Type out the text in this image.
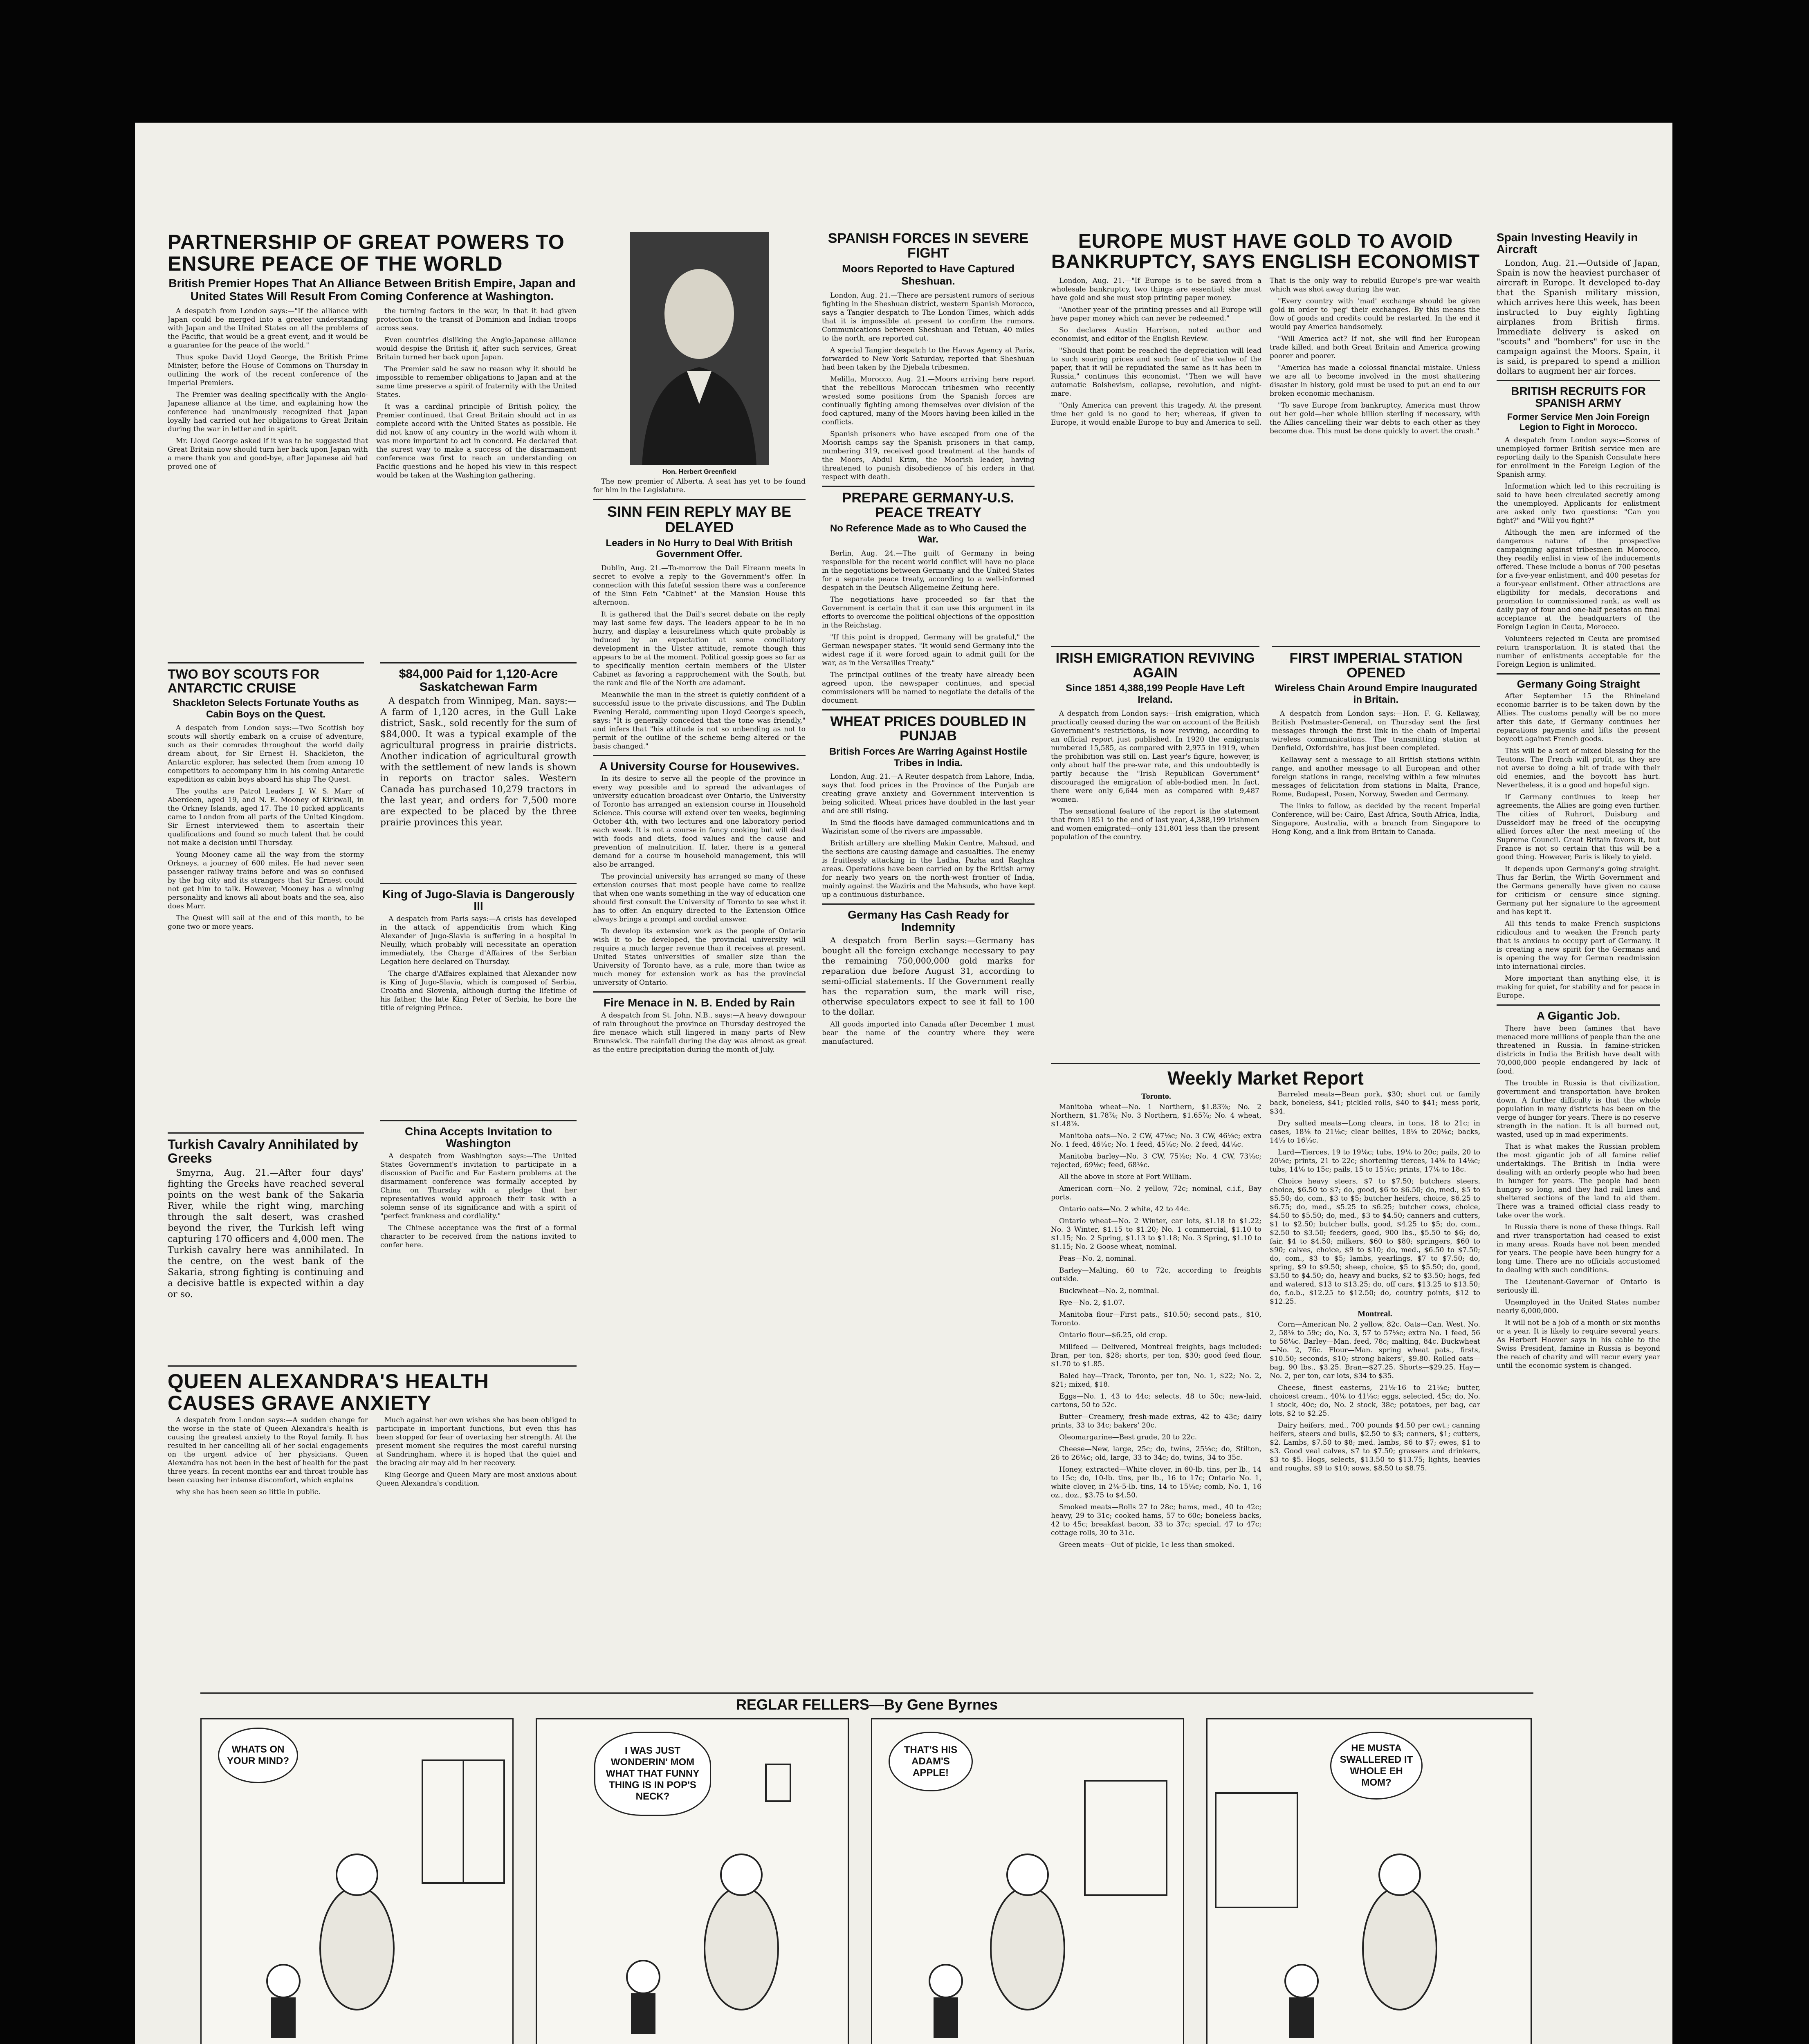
PARTNERSHIP OF GREAT POWERS TO ENSURE PEACE OF THE WORLD
British Premier Hopes That An Alliance Between British Empire, Japan and United States Will Result From Coming Conference at Washington.

A despatch from London says:—"If the alliance with Japan could be merged into a greater understanding with Japan and the United States on all the problems of the Pacific, that would be a great event, and it would be a guarantee for the peace of the world."

Thus spoke David Lloyd George, the British Prime Minister, before the House of Commons on Thursday in outlining the work of the recent conference of the Imperial Premiers.

The Premier was dealing specifically with the Anglo-Japanese alliance at the time, and explaining how the conference had unanimously recognized that Japan loyally had carried out her obligations to Great Britain during the war in letter and in spirit.

Mr. Lloyd George asked if it was to be suggested that Great Britain now should turn her back upon Japan with a mere thank you and good-bye, after Japanese aid had proved one of

the turning factors in the war, in that it had given protection to the transit of Dominion and Indian troops across seas.

Even countries disliking the Anglo-Japanese alliance would despise the British if, after such services, Great Britain turned her back upon Japan.

The Premier said he saw no reason why it should be impossible to remember obligations to Japan and at the same time preserve a spirit of fraternity with the United States.

It was a cardinal principle of British policy, the Premier continued, that Great Britain should act in as complete accord with the United States as possible. He did not know of any country in the world with whom it was more important to act in concord. He declared that the surest way to make a success of the disarmament conference was first to reach an understanding on Pacific questions and he hoped his view in this respect would be taken at the Washington gathering.

TWO BOY SCOUTS FOR ANTARCTIC CRUISE
Shackleton Selects Fortunate Youths as Cabin Boys on the Quest.

A despatch from London says:—Two Scottish boy scouts will shortly embark on a cruise of adventure, such as their comrades throughout the world daily dream about, for Sir Ernest H. Shackleton, the Antarctic explorer, has selected them from among 10 competitors to accompany him in his coming Antarctic expedition as cabin boys aboard his ship The Quest.

The youths are Patrol Leaders J. W. S. Marr of Aberdeen, aged 19, and N. E. Mooney of Kirkwall, in the Orkney Islands, aged 17. The 10 picked applicants came to London from all parts of the United Kingdom. Sir Ernest interviewed them to ascertain their qualifications and found so much talent that he could not make a decision until Thursday.

Young Mooney came all the way from the stormy Orkneys, a journey of 600 miles. He had never seen passenger railway trains before and was so confused by the big city and its strangers that Sir Ernest could not get him to talk. However, Mooney has a winning personality and knows all about boats and the sea, also does Marr.

The Quest will sail at the end of this month, to be gone two or more years.

Turkish Cavalry Annihilated by Greeks

Smyrna, Aug. 21.—After four days' fighting the Greeks have reached several points on the west bank of the Sakaria River, while the right wing, marching through the salt desert, was crashed beyond the river, the Turkish left wing capturing 170 officers and 4,000 men. The Turkish cavalry here was annihilated. In the centre, on the west bank of the Sakaria, strong fighting is continuing and a decisive battle is expected within a day or so.

$84,000 Paid for 1,120-Acre Saskatchewan Farm

A despatch from Winnipeg, Man. says:—A farm of 1,120 acres, in the Gull Lake district, Sask., sold recently for the sum of $84,000. It was a typical example of the agricultural progress in prairie districts. Another indication of agricultural growth with the settlement of new lands is shown in reports on tractor sales. Western Canada has purchased 10,279 tractors in the last year, and orders for 7,500 more are expected to be placed by the three prairie provinces this year.

King of Jugo-Slavia is Dangerously Ill

A despatch from Paris says:—A crisis has developed in the attack of appendicitis from which King Alexander of Jugo-Slavia is suffering in a hospital in Neuilly, which probably will necessitate an operation immediately, the Charge d'Affaires of the Serbian Legation here declared on Thursday.

The charge d'Affaires explained that Alexander now is King of Jugo-Slavia, which is composed of Serbia, Croatia and Slovenia, although during the lifetime of his father, the late King Peter of Serbia, he bore the title of reigning Prince.

China Accepts Invitation to Washington

A despatch from Washington says:—The United States Government's invitation to participate in a discussion of Pacific and Far Eastern problems at the disarmament conference was formally accepted by China on Thursday with a pledge that her representatives would approach their task with a solemn sense of its significance and with a spirit of "perfect frankness and cordiality."

The Chinese acceptance was the first of a formal character to be received from the nations invited to confer here.

QUEEN ALEXANDRA'S HEALTH CAUSES GRAVE ANXIETY

A despatch from London says:—A sudden change for the worse in the state of Queen Alexandra's health is causing the greatest anxiety to the Royal family. It has resulted in her cancelling all of her social engagements on the urgent advice of her physicians. Queen Alexandra has not been in the best of health for the past three years. In recent months ear and throat trouble has been causing her intense discomfort, which explains

why she has been seen so little in public.

Much against her own wishes she has been obliged to participate in important functions, but even this has been stopped for fear of overtaxing her strength. At the present moment she requires the most careful nursing at Sandringham, where it is hoped that the quiet and the bracing air may aid in her recovery.

King George and Queen Mary are most anxious about Queen Alexandra's condition.

Hon. Herbert Greenfield

The new premier of Alberta. A seat has yet to be found for him in the Legislature.

SINN FEIN REPLY MAY BE DELAYED
Leaders in No Hurry to Deal With British Government Offer.

Dublin, Aug. 21.—To-morrow the Dail Eireann meets in secret to evolve a reply to the Government's offer. In connection with this fateful session there was a conference of the Sinn Fein "Cabinet" at the Mansion House this afternoon.

It is gathered that the Dail's secret debate on the reply may last some few days. The leaders appear to be in no hurry, and display a leisureliness which quite probably is induced by an expectation at some conciliatory development in the Ulster attitude, remote though this appears to be at the moment. Political gossip goes so far as to specifically mention certain members of the Ulster Cabinet as favoring a rapprochement with the South, but the rank and file of the North are adamant.

Meanwhile the man in the street is quietly confident of a successful issue to the private discussions, and The Dublin Evening Herald, commenting upon Lloyd George's speech, says: "It is generally conceded that the tone was friendly," and infers that "his attitude is not so unbending as not to permit of the outline of the scheme being altered or the basis changed."

A University Course for Housewives.

In its desire to serve all the people of the province in every way possible and to spread the advantages of university education broadcast over Ontario, the University of Toronto has arranged an extension course in Household Science. This course will extend over ten weeks, beginning October 4th, with two lectures and one laboratory period each week. It is not a course in fancy cooking but will deal with foods and diets, food values and the cause and prevention of malnutrition. If, later, there is a general demand for a course in household management, this will also be arranged.

The provincial university has arranged so many of these extension courses that most people have come to realize that when one wants something in the way of education one should first consult the University of Toronto to see whst it has to offer. An enquiry directed to the Extension Office always brings a prompt and cordial answer.

To develop its extension work as the people of Ontario wish it to be developed, the provincial university will require a much larger revenue than it receives at present. United States universities of smaller size than the University of Toronto have, as a rule, more than twice as much money for extension work as has the provincial university of Ontario.

Fire Menace in N. B. Ended by Rain

A despatch from St. John, N.B., says:—A heavy downpour of rain throughout the province on Thursday destroyed the fire menace which still lingered in many parts of New Brunswick. The rainfall during the day was almost as great as the entire precipitation during the month of July.

SPANISH FORCES IN SEVERE FIGHT
Moors Reported to Have Captured Sheshuan.

London, Aug. 21.—There are persistent rumors of serious fighting in the Sheshuan district, western Spanish Morocco, says a Tangier despatch to The London Times, which adds that it is impossible at present to confirm the rumors. Communications between Sheshuan and Tetuan, 40 miles to the north, are reported cut.

A special Tangier despatch to the Havas Agency at Paris, forwarded to New York Saturday, reported that Sheshuan had been taken by the Djebala tribesmen.

Melilla, Morocco, Aug. 21.—Moors arriving here report that the rebellious Moroccan tribesmen who recently wrested some positions from the Spanish forces are continually fighting among themselves over division of the food captured, many of the Moors having been killed in the conflicts.

Spanish prisoners who have escaped from one of the Moorish camps say the Spanish prisoners in that camp, numbering 319, received good treatment at the hands of the Moors, Abdul Krim, the Moorish leader, having threatened to punish disobedience of his orders in that respect with death.

PREPARE GERMANY-U.S. PEACE TREATY
No Reference Made as to Who Caused the War.

Berlin, Aug. 24.—The guilt of Germany in being responsible for the recent world conflict will have no place in the negotiations between Germany and the United States for a separate peace treaty, according to a well-informed despatch in the Deutsch Allgemeine Zeitung here.

The negotiations have proceeded so far that the Government is certain that it can use this argument in its efforts to overcome the political objections of the opposition in the Reichstag.

"If this point is dropped, Germany will be grateful," the German newspaper states. "It would send Germany into the widest rage if it were forced again to admit guilt for the war, as in the Versailles Treaty."

The principal outlines of the treaty have already been agreed upon, the newspaper continues, and special commissioners will be named to negotiate the details of the document.

WHEAT PRICES DOUBLED IN PUNJAB
British Forces Are Warring Against Hostile Tribes in India.

London, Aug. 21.—A Reuter despatch from Lahore, India, says that food prices in the Province of the Punjab are creating grave anxiety and Government intervention is being solicited. Wheat prices have doubled in the last year and are still rising.

In Sind the floods have damaged communications and in Waziristan some of the rivers are impassable.

British artillery are shelling Makin Centre, Mahsud, and the sections are causing damage and casualties. The enemy is fruitlessly attacking in the Ladha, Pazha and Raghza areas. Operations have been carried on by the British army for nearly two years on the north-west frontier of India, mainly against the Waziris and the Mahsuds, who have kept up a continuous disturbance.

Germany Has Cash Ready for Indemnity

A despatch from Berlin says:—Germany has bought all the foreign exchange necessary to pay the remaining 750,000,000 gold marks for reparation due before August 31, according to semi-official statements. If the Government really has the reparation sum, the mark will rise, otherwise speculators expect to see it fall to 100 to the dollar.

All goods imported into Canada after December 1 must bear the name of the country where they were manufactured.

EUROPE MUST HAVE GOLD TO AVOID BANKRUPTCY, SAYS ENGLISH ECONOMIST

London, Aug. 21.—"If Europe is to be saved from a wholesale bankruptcy, two things are essential; she must have gold and she must stop printing paper money.

"Another year of the printing presses and all Europe will have paper money which can never be redeemed."

So declares Austin Harrison, noted author and economist, and editor of the English Review.

"Should that point be reached the depreciation will lead to such soaring prices and such fear of the value of the paper, that it will be repudiated the same as it has been in Russia," continues this economist. "Then we will have automatic Bolshevism, collapse, revolution, and night-mare.

"Only America can prevent this tragedy. At the present time her gold is no good to her; whereas, if given to Europe, it would enable Europe to buy and America to sell. That is the only way to rebuild Europe's pre-war wealth which was shot away during the war.

"Every country with 'mad' exchange should be given gold in order to 'peg' their exchanges. By this means the flow of goods and credits could be restarted. In the end it would pay America handsomely.

"Will America act? If not, she will find her European trade killed, and both Great Britain and America growing poorer and poorer.

"America has made a colossal financial mistake. Unless we are all to become involved in the most shattering disaster in history, gold must be used to put an end to our broken economic mechanism.

"To save Europe from bankruptcy, America must throw out her gold—her whole billion sterling if necessary, with the Allies cancelling their war debts to each other as they become due. This must be done quickly to avert the crash."

IRISH EMIGRATION REVIVING AGAIN
Since 1851 4,388,199 People Have Left Ireland.

A despatch from London says:—Irish emigration, which practically ceased during the war on account of the British Government's restrictions, is now reviving, according to an official report just published. In 1920 the emigrants numbered 15,585, as compared with 2,975 in 1919, when the prohibition was still on. Last year's figure, however, is only about half the pre-war rate, and this undoubtedly is partly because the "Irish Republican Government" discouraged the emigration of able-bodied men. In fact, there were only 6,644 men as compared with 9,487 women.

The sensational feature of the report is the statement that from 1851 to the end of last year, 4,388,199 Irishmen and women emigrated—only 131,801 less than the present population of the country.

FIRST IMPERIAL STATION OPENED
Wireless Chain Around Empire Inaugurated in Britain.

A despatch from London says:—Hon. F. G. Kellaway, British Postmaster-General, on Thursday sent the first messages through the first link in the chain of Imperial wireless communications. The transmitting station at Denfield, Oxfordshire, has just been completed.

Kellaway sent a message to all British stations within range, and another message to all European and other foreign stations in range, receiving within a few minutes messages of felicitation from stations in Malta, France, Rome, Budapest, Posen, Norway, Sweden and Germany.

The links to follow, as decided by the recent Imperial Conference, will be: Cairo, East Africa, South Africa, India, Singapore, Australia, with a branch from Singapore to Hong Kong, and a link from Britain to Canada.

Weekly Market Report
Toronto.

Manitoba wheat—No. 1 Northern, $1.83⅞; No. 2 Northern, $1.78⅞; No. 3 Northern, $1.65⅞; No. 4 wheat, $1.48⅞.

Manitoba oats—No. 2 CW, 47⅛c; No. 3 CW, 46⅛c; extra No. 1 feed, 46⅛c; No. 1 feed, 45⅛c; No. 2 feed, 44⅛c.

Manitoba barley—No. 3 CW, 75⅛c; No. 4 CW, 73⅛c; rejected, 69⅛c; feed, 68⅛c.

All the above in store at Fort William.

American corn—No. 2 yellow, 72c; nominal, c.i.f., Bay ports.

Ontario oats—No. 2 white, 42 to 44c.

Ontario wheat—No. 2 Winter, car lots, $1.18 to $1.22; No. 3 Winter, $1.15 to $1.20; No. 1 commercial, $1.10 to $1.15; No. 2 Spring, $1.13 to $1.18; No. 3 Spring, $1.10 to $1.15; No. 2 Goose wheat, nominal.

Peas—No. 2, nominal.

Barley—Malting, 60 to 72c, according to freights outside.

Buckwheat—No. 2, nominal.

Rye—No. 2, $1.07.

Manitoba flour—First pats., $10.50; second pats., $10, Toronto.

Ontario flour—$6.25, old crop.

Millfeed — Delivered, Montreal freights, bags included: Bran, per ton, $28; shorts, per ton, $30; good feed flour, $1.70 to $1.85.

Baled hay—Track, Toronto, per ton, No. 1, $22; No. 2, $21; mixed, $18.

Eggs—No. 1, 43 to 44c; selects, 48 to 50c; new-laid, cartons, 50 to 52c.

Butter—Creamery, fresh-made extras, 42 to 43c; dairy prints, 33 to 34c; bakers' 20c.

Oleomargarine—Best grade, 20 to 22c.

Cheese—New, large, 25c; do, twins, 25⅛c; do, Stilton, 26 to 26⅛c; old, large, 33 to 34c; do, twins, 34 to 35c.

Honey, extracted—White clover, in 60-lb. tins, per lb., 14 to 15c; do, 10-lb. tins, per lb., 16 to 17c; Ontario No. 1, white clover, in 2⅛-5-lb. tins, 14 to 15⅛c; comb, No. 1, 16 oz., doz., $3.75 to $4.50.

Smoked meats—Rolls 27 to 28c; hams, med., 40 to 42c; heavy, 29 to 31c; cooked hams, 57 to 60c; boneless backs, 42 to 45c; breakfast bacon, 33 to 37c; special, 47 to 47c; cottage rolls, 30 to 31c.

Green meats—Out of pickle, 1c less than smoked.

Barreled meats—Bean pork, $30; short cut or family back, boneless, $41; pickled rolls, $40 to $41; mess pork, $34.

Dry salted meats—Long clears, in tons, 18 to 21c; in cases, 18⅛ to 21⅛c; clear bellies, 18⅛ to 20⅛c; backs, 14⅛ to 16⅛c.

Lard—Tierces, 19 to 19⅛c; tubs, 19⅛ to 20c; pails, 20 to 20⅛c; prints, 21 to 22c; shortening tierces, 14⅛ to 14⅛c; tubs, 14⅛ to 15c; pails, 15 to 15⅛c; prints, 17⅛ to 18c.

Choice heavy steers, $7 to $7.50; butchers steers, choice, $6.50 to $7; do, good, $6 to $6.50; do, med., $5 to $5.50; do, com., $3 to $5; butcher heifers, choice, $6.25 to $6.75; do, med., $5.25 to $6.25; butcher cows, choice, $4.50 to $5.50; do, med., $3 to $4.50; canners and cutters, $1 to $2.50; butcher bulls, good, $4.25 to $5; do, com., $2.50 to $3.50; feeders, good, 900 lbs., $5.50 to $6; do, fair, $4 to $4.50; milkers, $60 to $80; springers, $60 to $90; calves, choice, $9 to $10; do, med., $6.50 to $7.50; do, com., $3 to $5; lambs, yearlings, $7 to $7.50; do, spring, $9 to $9.50; sheep, choice, $5 to $5.50; do, good, $3.50 to $4.50; do, heavy and bucks, $2 to $3.50; hogs, fed and watered, $13 to $13.25; do, off cars, $13.25 to $13.50; do, f.o.b., $12.25 to $12.50; do, country points, $12 to $12.25.

Montreal.

Corn—American No. 2 yellow, 82c. Oats—Can. West. No. 2, 58⅛ to 59c; do, No. 3, 57 to 57⅛c; extra No. 1 feed, 56 to 58⅛c. Barley—Man. feed, 78c; malting, 84c. Buckwheat—No. 2, 76c. Flour—Man. spring wheat pats., firsts, $10.50; seconds, $10; strong bakers', $9.80. Rolled oats—bag, 90 lbs., $3.25. Bran—$27.25. Shorts—$29.25. Hay—No. 2, per ton, car lots, $34 to $35.

Cheese, finest easterns, 21⅛-16 to 21⅛c; butter, choicest cream., 40⅛ to 41⅛c; eggs, selected, 45c; do, No. 1 stock, 40c; do, No. 2 stock, 38c; potatoes, per bag, car lots, $2 to $2.25.

Dairy heifers, med., 700 pounds $4.50 per cwt.; canning heifers, steers and bulls, $2.50 to $3; canners, $1; cutters, $2. Lambs, $7.50 to $8; med. lambs, $6 to $7; ewes, $1 to $3. Good veal calves, $7 to $7.50; grassers and drinkers, $3 to $5. Hogs, selects, $13.50 to $13.75; lights, heavies and roughs, $9 to $10; sows, $8.50 to $8.75.

Spain Investing Heavily in Aircraft

London, Aug. 21.—Outside of Japan, Spain is now the heaviest purchaser of aircraft in Europe. It developed to-day that the Spanish military mission, which arrives here this week, has been instructed to buy eighty fighting airplanes from British firms. Immediate delivery is asked on "scouts" and "bombers" for use in the campaign against the Moors. Spain, it is said, is prepared to spend a million dollars to augment her air forces.

BRITISH RECRUITS FOR SPANISH ARMY
Former Service Men Join Foreign Legion to Fight in Morocco.

A despatch from London says:—Scores of unemployed former British service men are reporting daily to the Spanish Consulate here for enrollment in the Foreign Legion of the Spanish army.

Information which led to this recruiting is said to have been circulated secretly among the unemployed. Applicants for enlistment are asked only two questions: "Can you fight?" and "Will you fight?"

Although the men are informed of the dangerous nature of the prospective campaigning against tribesmen in Morocco, they readily enlist in view of the inducements offered. These include a bonus of 700 pesetas for a five-year enlistment, and 400 pesetas for a four-year enlistment. Other attractions are eligibility for medals, decorations and promotion to commissioned rank, as well as daily pay of four and one-half pesetas on final acceptance at the headquarters of the Foreign Legion in Ceuta, Morocco.

Volunteers rejected in Ceuta are promised return transportation. It is stated that the number of enlistments acceptable for the Foreign Legion is unlimited.

Germany Going Straight

After September 15 the Rhineland economic barrier is to be taken down by the Allies. The customs penalty will be no more after this date, if Germany continues her reparations payments and lifts the present boycott against French goods.

This will be a sort of mixed blessing for the Teutons. The French will profit, as they are not averse to doing a bit of trade with their old enemies, and the boycott has hurt. Nevertheless, it is a good and hopeful sign.

If Germany continues to keep her agreements, the Allies are going even further. The cities of Ruhrort, Duisburg and Dusseldorf may be freed of the occupying allied forces after the next meeting of the Supreme Council. Great Britain favors it, but France is not so certain that this will be a good thing. However, Paris is likely to yield.

It depends upon Germany's going straight. Thus far Berlin, the Wirth Government and the Germans generally have given no cause for criticism or censure since signing. Germany put her signature to the agreement and has kept it.

All this tends to make French suspicions ridiculous and to weaken the French party that is anxious to occupy part of Germany. It is creating a new spirit for the Germans and is opening the way for German readmission into international circles.

More important than anything else, it is making for quiet, for stability and for peace in Europe.

A Gigantic Job.

There have been famines that have menaced more millions of people than the one threatened in Russia. In famine-stricken districts in India the British have dealt with 70,000,000 people endangered by lack of food.

The trouble in Russia is that civilization, government and transportation have broken down. A further difficulty is that the whole population in many districts has been on the verge of hunger for years. There is no reserve strength in the nation. It is all burned out, wasted, used up in mad experiments.

That is what makes the Russian problem the most gigantic job of all famine relief undertakings. The British in India were dealing with an orderly people who had been in hunger for years. The people had been hungry so long, and they had rail lines and sheltered sections of the land to aid them. There was a trained official class ready to take over the work.

In Russia there is none of these things. Rail and river transportation had ceased to exist in many areas. Roads have not been mended for years. The people have been hungry for a long time. There are no officials accustomed to dealing with such conditions.

The Lieutenant-Governor of Ontario is seriously ill.

Unemployed in the United States number nearly 6,000,000.

It will not be a job of a month or six months or a year. It is likely to require several years. As Herbert Hoover says in his cable to the Swiss President, famine in Russia is beyond the reach of charity and will recur every year until the economic system is changed.

REGLAR FELLERS—By Gene Byrnes
WHATS ON YOUR MIND?
I WAS JUST WONDERIN' MOM WHAT THAT FUNNY THING IS IN POP'S NECK?
THAT'S HIS ADAM'S APPLE!
HE MUSTA SWALLERED IT WHOLE EH MOM?
